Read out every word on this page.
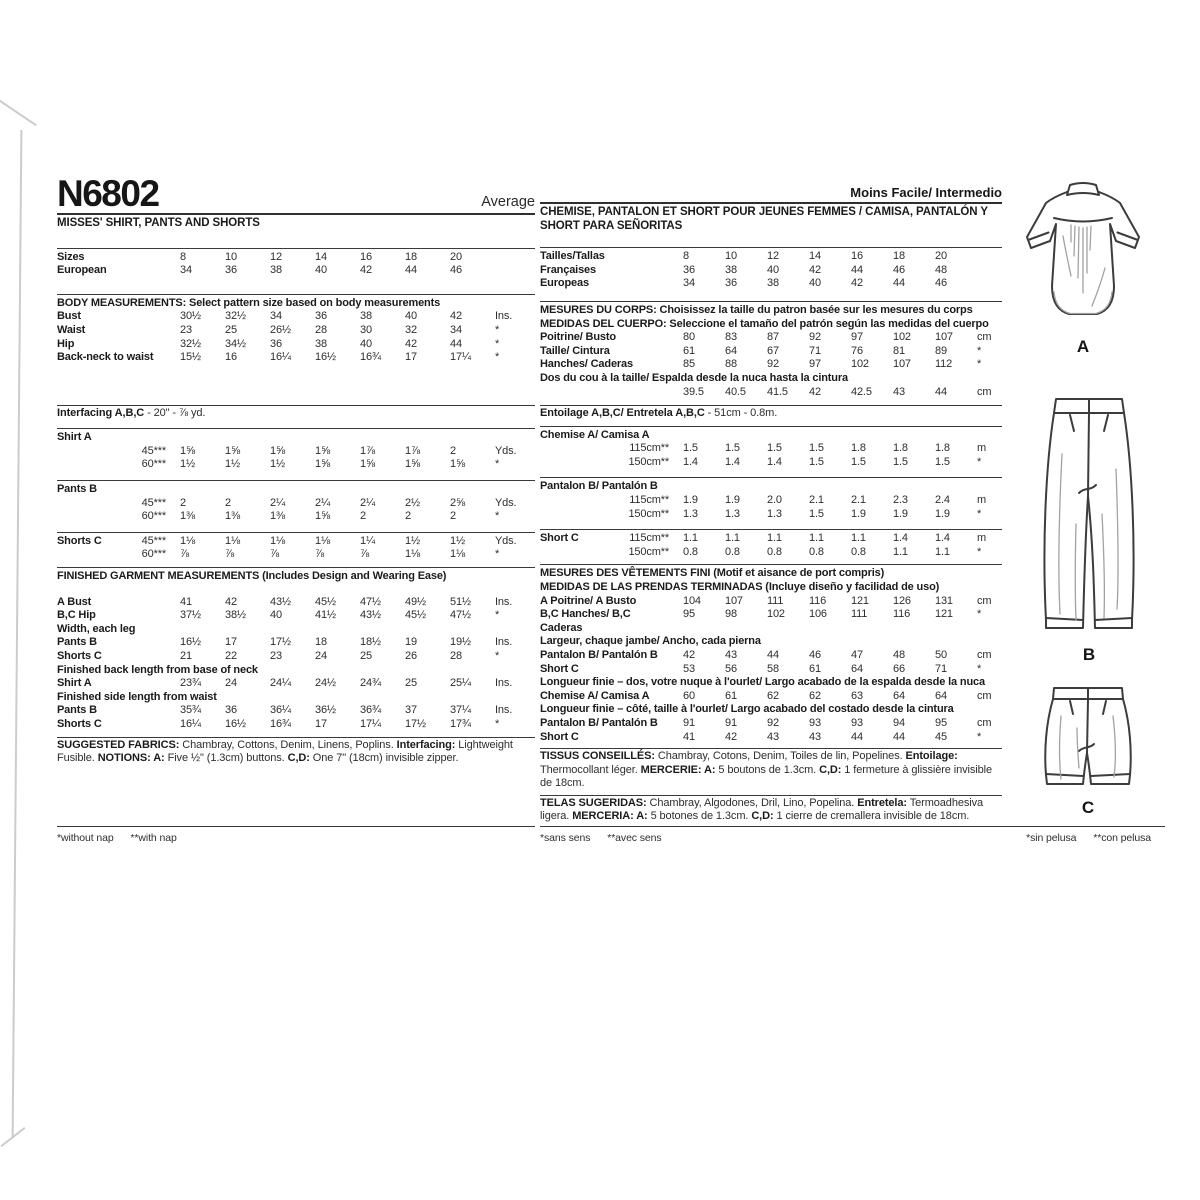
N6802	Average
MISSES' SHIRT, PANTS AND SHORTS
Sizes	8	10	12	14	16	18	20
European	34	36	38	40	42	44	46
BODY MEASUREMENTS: Select pattern size based on body measurements
Bust	30½	32½	34	36	38	40	42	Ins.
Waist	23	25	26½	28	30	32	34	*
Hip	32½	34½	36	38	40	42	44	*
Back-neck to waist 15½	16	16¼	16½	16¾	17	17¼	*
Interfacing A,B,C - 20" - ⅞ yd.
Shirt A
45*** 1⅝	1⅝	1⅝	1⅝	1⅞	1⅞	2	Yds.
60*** 1½	1½	1½	1⅝	1⅝	1⅝	1⅝	*
Pants B
45*** 2	2	2¼	2¼	2¼	2½	2⅝	Yds.
60*** 1⅜	1⅜	1⅜	1⅝	2	2	2	*
Shorts C	45*** 1⅛	1⅛	1⅛	1⅛	1¼	1½	1½	Yds.
60*** ⅞	⅞	⅞	⅞	⅞	1⅛	1⅛	*
FINISHED GARMENT MEASUREMENTS (Includes Design and Wearing Ease)
A Bust	41	42	43½	45½	47½	49½	51½	Ins.
B,C Hip	37½	38½	40	41½	43½	45½	47½	*
Width, each leg
Pants B	16½	17	17½	18	18½	19	19½	Ins.
Shorts C	21	22	23	24	25	26	28	*
Finished back length from base of neck
Shirt A	23¾	24	24¼	24½	24¾	25	25¼	Ins.
Finished side length from waist
Pants B	35¾	36	36¼	36½	36¾	37	37¼	Ins.
Shorts C	16¼	16½	16¾	17	17¼	17½	17¾	*
SUGGESTED FABRICS: Chambray, Cottons, Denim, Linens, Poplins. Interfacing: Lightweight Fusible. NOTIONS: A: Five ½" (1.3cm) buttons. C,D: One 7" (18cm) invisible zipper.
Moins Facile/ Intermedio
CHEMISE, PANTALON ET SHORT POUR JEUNES FEMMES / CAMISA, PANTALÓN Y SHORT PARA SEÑORITAS
Tailles/Tallas	8	10	12	14	16	18	20
Françaises	36	38	40	42	44	46	48
Europeas	34	36	38	40	42	44	46
MESURES DU CORPS: Choisissez la taille du patron basée sur les mesures du corps
MEDIDAS DEL CUERPO: Seleccione el tamaño del patrón según las medidas del cuerpo
Poitrine/ Busto	80	83	87	92	97	102	107	cm
Taille/ Cintura	61	64	67	71	76	81	89	*
Hanches/ Caderas	85	88	92	97	102	107	112	*
Dos du cou à la taille/ Espalda desde la nuca hasta la cintura
39.5	40.5	41.5	42	42.5	43	44	cm
Entoilage A,B,C/ Entretela A,B,C - 51cm - 0.8m.
Chemise A/ Camisa A
115cm** 1.5	1.5	1.5	1.5	1.8	1.8	1.8	m
150cm** 1.4	1.4	1.4	1.5	1.5	1.5	1.5	*
Pantalon B/ Pantalón B
115cm** 1.9	1.9	2.0	2.1	2.1	2.3	2.4	m
150cm** 1.3	1.3	1.3	1.5	1.9	1.9	1.9	*
Short C	115cm** 1.1	1.1	1.1	1.1	1.1	1.4	1.4	m
150cm** 0.8	0.8	0.8	0.8	0.8	1.1	1.1	*
MESURES DES VÊTEMENTS FINI (Motif et aisance de port compris)
MEDIDAS DE LAS PRENDAS TERMINADAS (Incluye diseño y facilidad de uso)
A Poitrine/ A Busto	104	107	111	116	121	126	131	cm
B,C Hanches/ B,C Caderas
95	98	102	106	111	116	121	*
Largeur, chaque jambe/ Ancho, cada pierna
Pantalon B/ Pantalón B 42	43	44	46	47	48	50	cm
Short C	53	56	58	61	64	66	71	*
Longueur finie – dos, votre nuque à l'ourlet/ Largo acabado de la espalda desde la nuca
Chemise A/ Camisa A	60	61	62	62	63	64	64	cm
Longueur finie – côté, taille à l'ourlet/ Largo acabado del costado desde la cintura
Pantalon B/ Pantalón B 91	91	92	93	93	94	95	cm
Short C	41	42	43	43	44	44	45	*
TISSUS CONSEILLÉS: Chambray, Cotons, Denim, Toiles de lin, Popelines. Entoilage: Thermocollant léger. MERCERIE: A: 5 boutons de 1.3cm. C,D: 1 fermeture à glissière invisible de 18cm.
TELAS SUGERIDAS: Chambray, Algodones, Dril, Lino, Popelina. Entretela: Termoadhesiva ligera. MERCERIA: A: 5 botones de 1.3cm. C,D: 1 cierre de cremallera invisible de 18cm.
*without nap **with nap	*sans sens **avec sens	*sin pelusa **con pelusa
A
B
C
